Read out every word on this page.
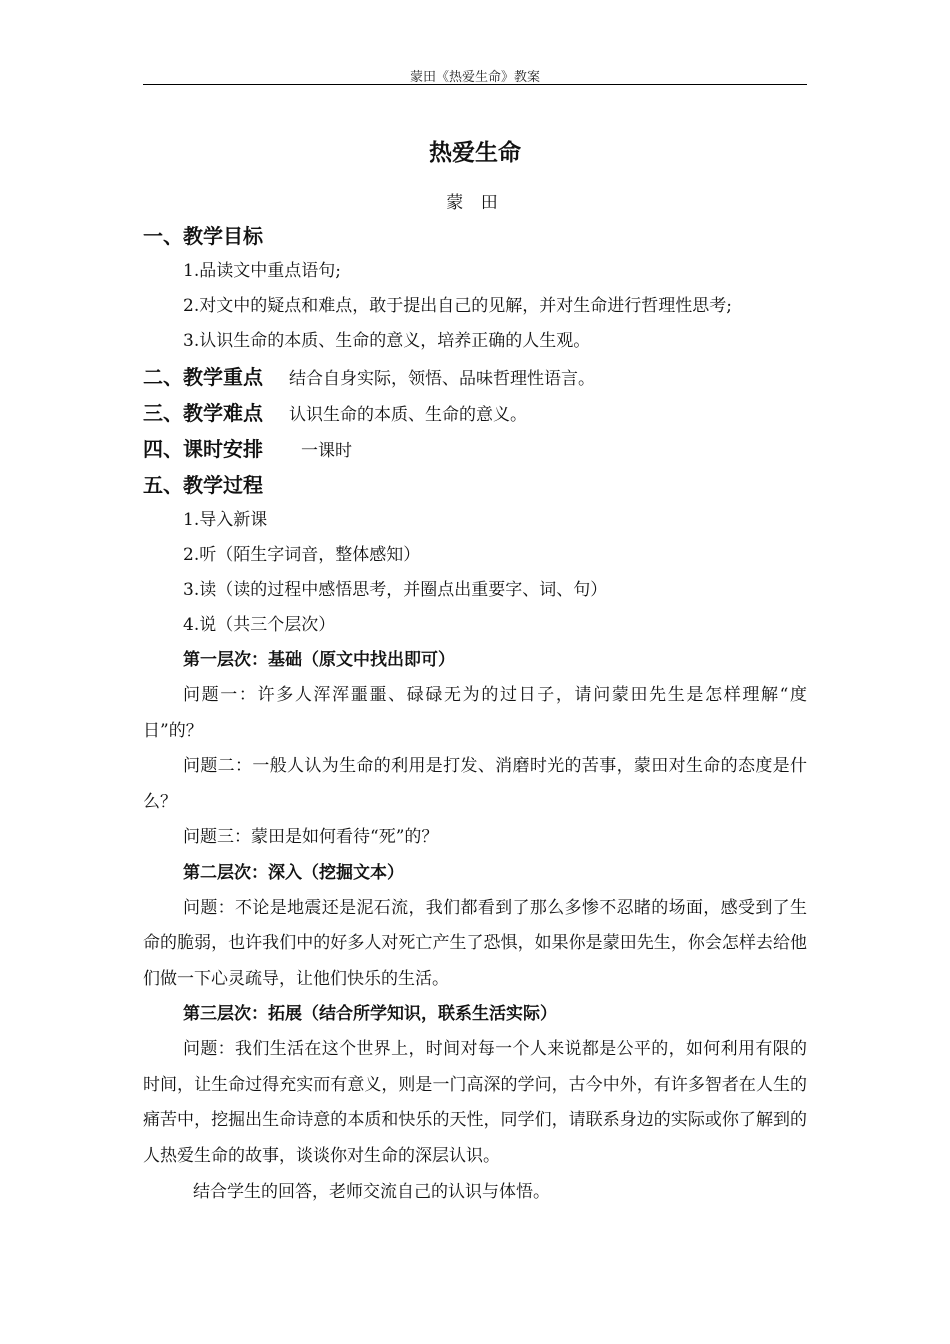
蒙田《热爱生命》教案
热爱生命
蒙 田
一、教学目标
1.品读文中重点语句;
2.对文中的疑点和难点，敢于提出自己的见解，并对生命进行哲理性思考;
3.认识生命的本质、生命的意义，培养正确的人生观。
二、教学重点 结合自身实际，领悟、品味哲理性语言。
三、教学难点 认识生命的本质、生命的意义。
四、课时安排 一课时
五、教学过程
1.导入新课
2.听（陌生字词音，整体感知）
3.读（读的过程中感悟思考，并圈点出重要字、词、句）
4.说（共三个层次）
第一层次：基础（原文中找出即可）

问题一：许多人浑浑噩噩、碌碌无为的过日子，请问蒙田先生是怎样理解“度日”的？

问题二：一般人认为生命的利用是打发、消磨时光的苦事，蒙田对生命的态度是什么？

问题三：蒙田是如何看待“死”的？

第二层次：深入（挖掘文本）

问题：不论是地震还是泥石流，我们都看到了那么多惨不忍睹的场面，感受到了生命的脆弱，也许我们中的好多人对死亡产生了恐惧，如果你是蒙田先生，你会怎样去给他们做一下心灵疏导，让他们快乐的生活。

第三层次：拓展（结合所学知识，联系生活实际）

问题：我们生活在这个世界上，时间对每一个人来说都是公平的，如何利用有限的时间，让生命过得充实而有意义，则是一门高深的学问，古今中外，有许多智者在人生的痛苦中，挖掘出生命诗意的本质和快乐的天性，同学们，请联系身边的实际或你了解到的人热爱生命的故事，谈谈你对生命的深层认识。

结合学生的回答，老师交流自己的认识与体悟。
